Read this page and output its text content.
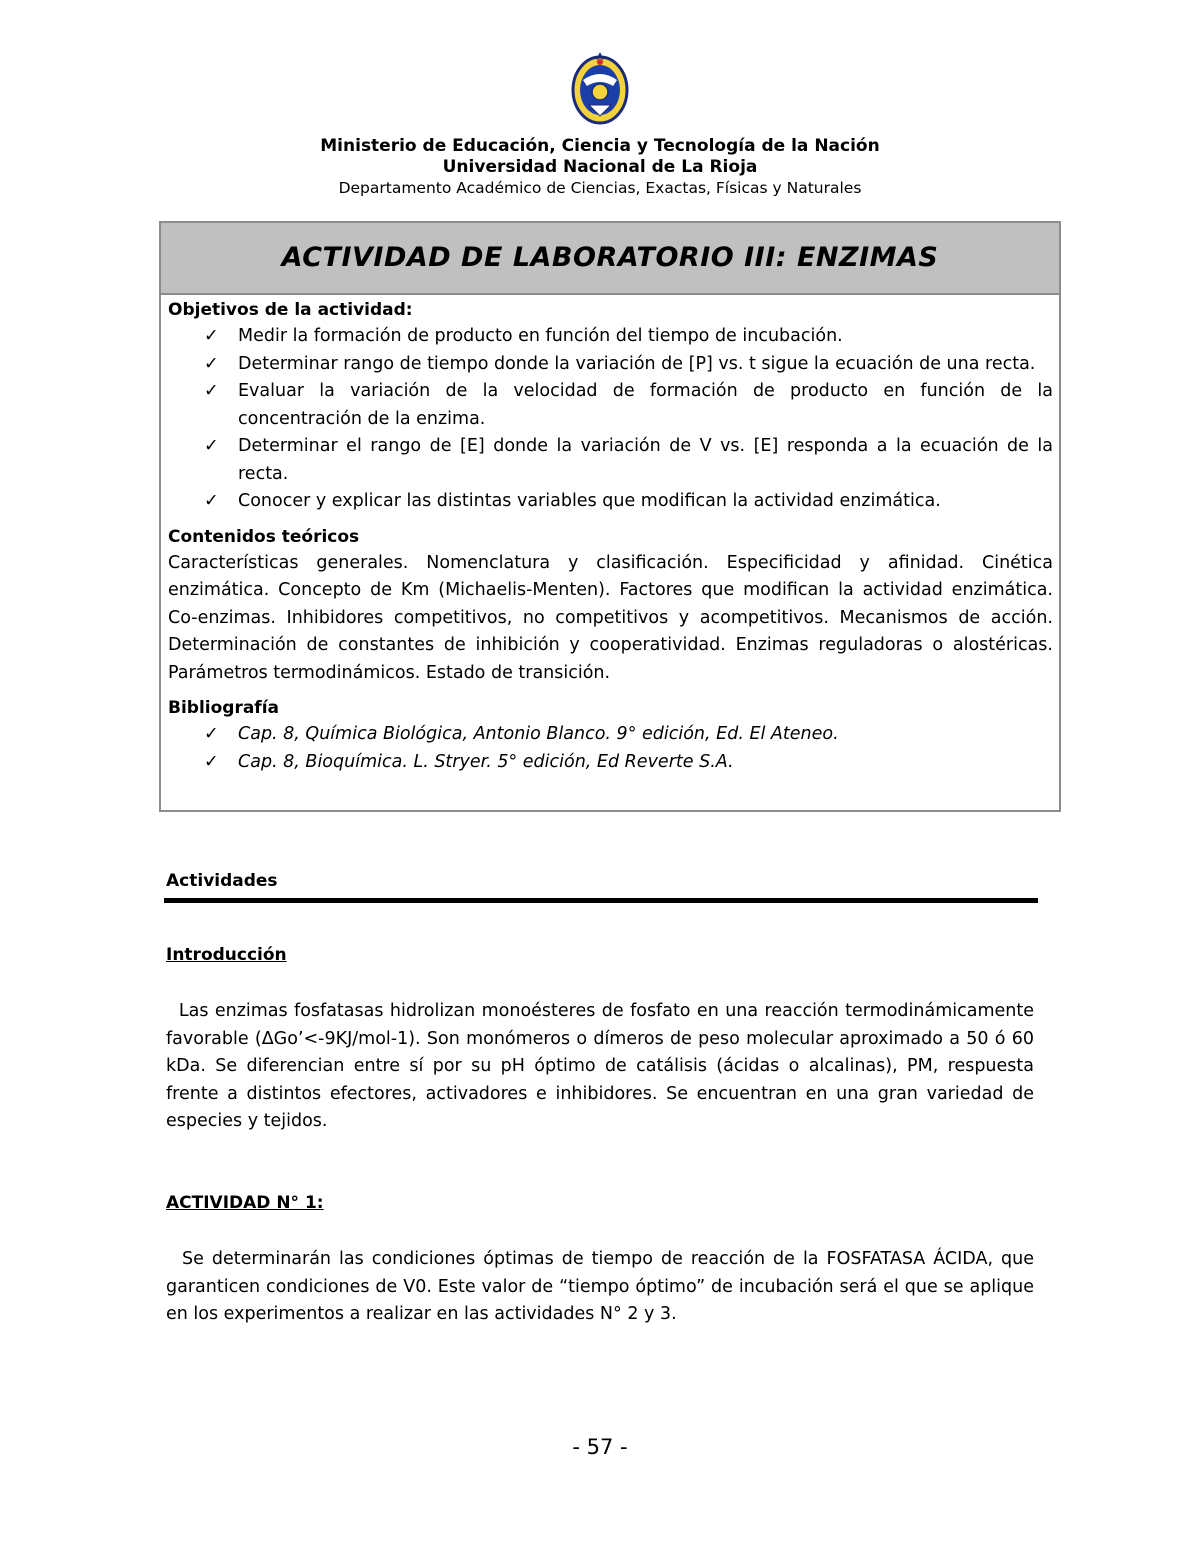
Ministerio de Educación, Ciencia y Tecnología de la Nación
Universidad Nacional de La Rioja
Departamento Académico de Ciencias, Exactas, Físicas y Naturales
ACTIVIDAD DE LABORATORIO III: ENZIMAS
Objetivos de la actividad:
✓ Medir la formación de producto en función del tiempo de incubación.
✓ Determinar rango de tiempo donde la variación de [P] vs. t sigue la ecuación de una recta.
✓ Evaluar la variación de la velocidad de formación de producto en función de la concentración de la enzima.
✓ Determinar el rango de [E] donde la variación de V vs. [E] responda a la ecuación de la recta.
✓ Conocer y explicar las distintas variables que modifican la actividad enzimática.
Contenidos teóricos
Características generales. Nomenclatura y clasificación. Especificidad y afinidad. Cinética enzimática. Concepto de Km (Michaelis-Menten). Factores que modifican la actividad enzimática. Co-enzimas. Inhibidores competitivos, no competitivos y acompetitivos. Mecanismos de acción. Determinación de constantes de inhibición y cooperatividad. Enzimas reguladoras o alostéricas. Parámetros termodinámicos. Estado de transición.
Bibliografía
✓ Cap. 8, Química Biológica, Antonio Blanco. 9° edición, Ed. El Ateneo.
✓ Cap. 8, Bioquímica. L. Stryer. 5° edición, Ed Reverte S.A.
Actividades
Introducción
Las enzimas fosfatasas hidrolizan monoésteres de fosfato en una reacción termodinámicamente favorable (ΔGo’<-9KJ/mol-1). Son monómeros o dímeros de peso molecular aproximado a 50 ó 60 kDa. Se diferencian entre sí por su pH óptimo de catálisis (ácidas o alcalinas), PM, respuesta frente a distintos efectores, activadores e inhibidores. Se encuentran en una gran variedad de especies y tejidos.
ACTIVIDAD N° 1:
Se determinarán las condiciones óptimas de tiempo de reacción de la FOSFATASA ÁCIDA, que garanticen condiciones de V0. Este valor de “tiempo óptimo” de incubación será el que se aplique en los experimentos a realizar en las actividades N° 2 y 3.
- 57 -
